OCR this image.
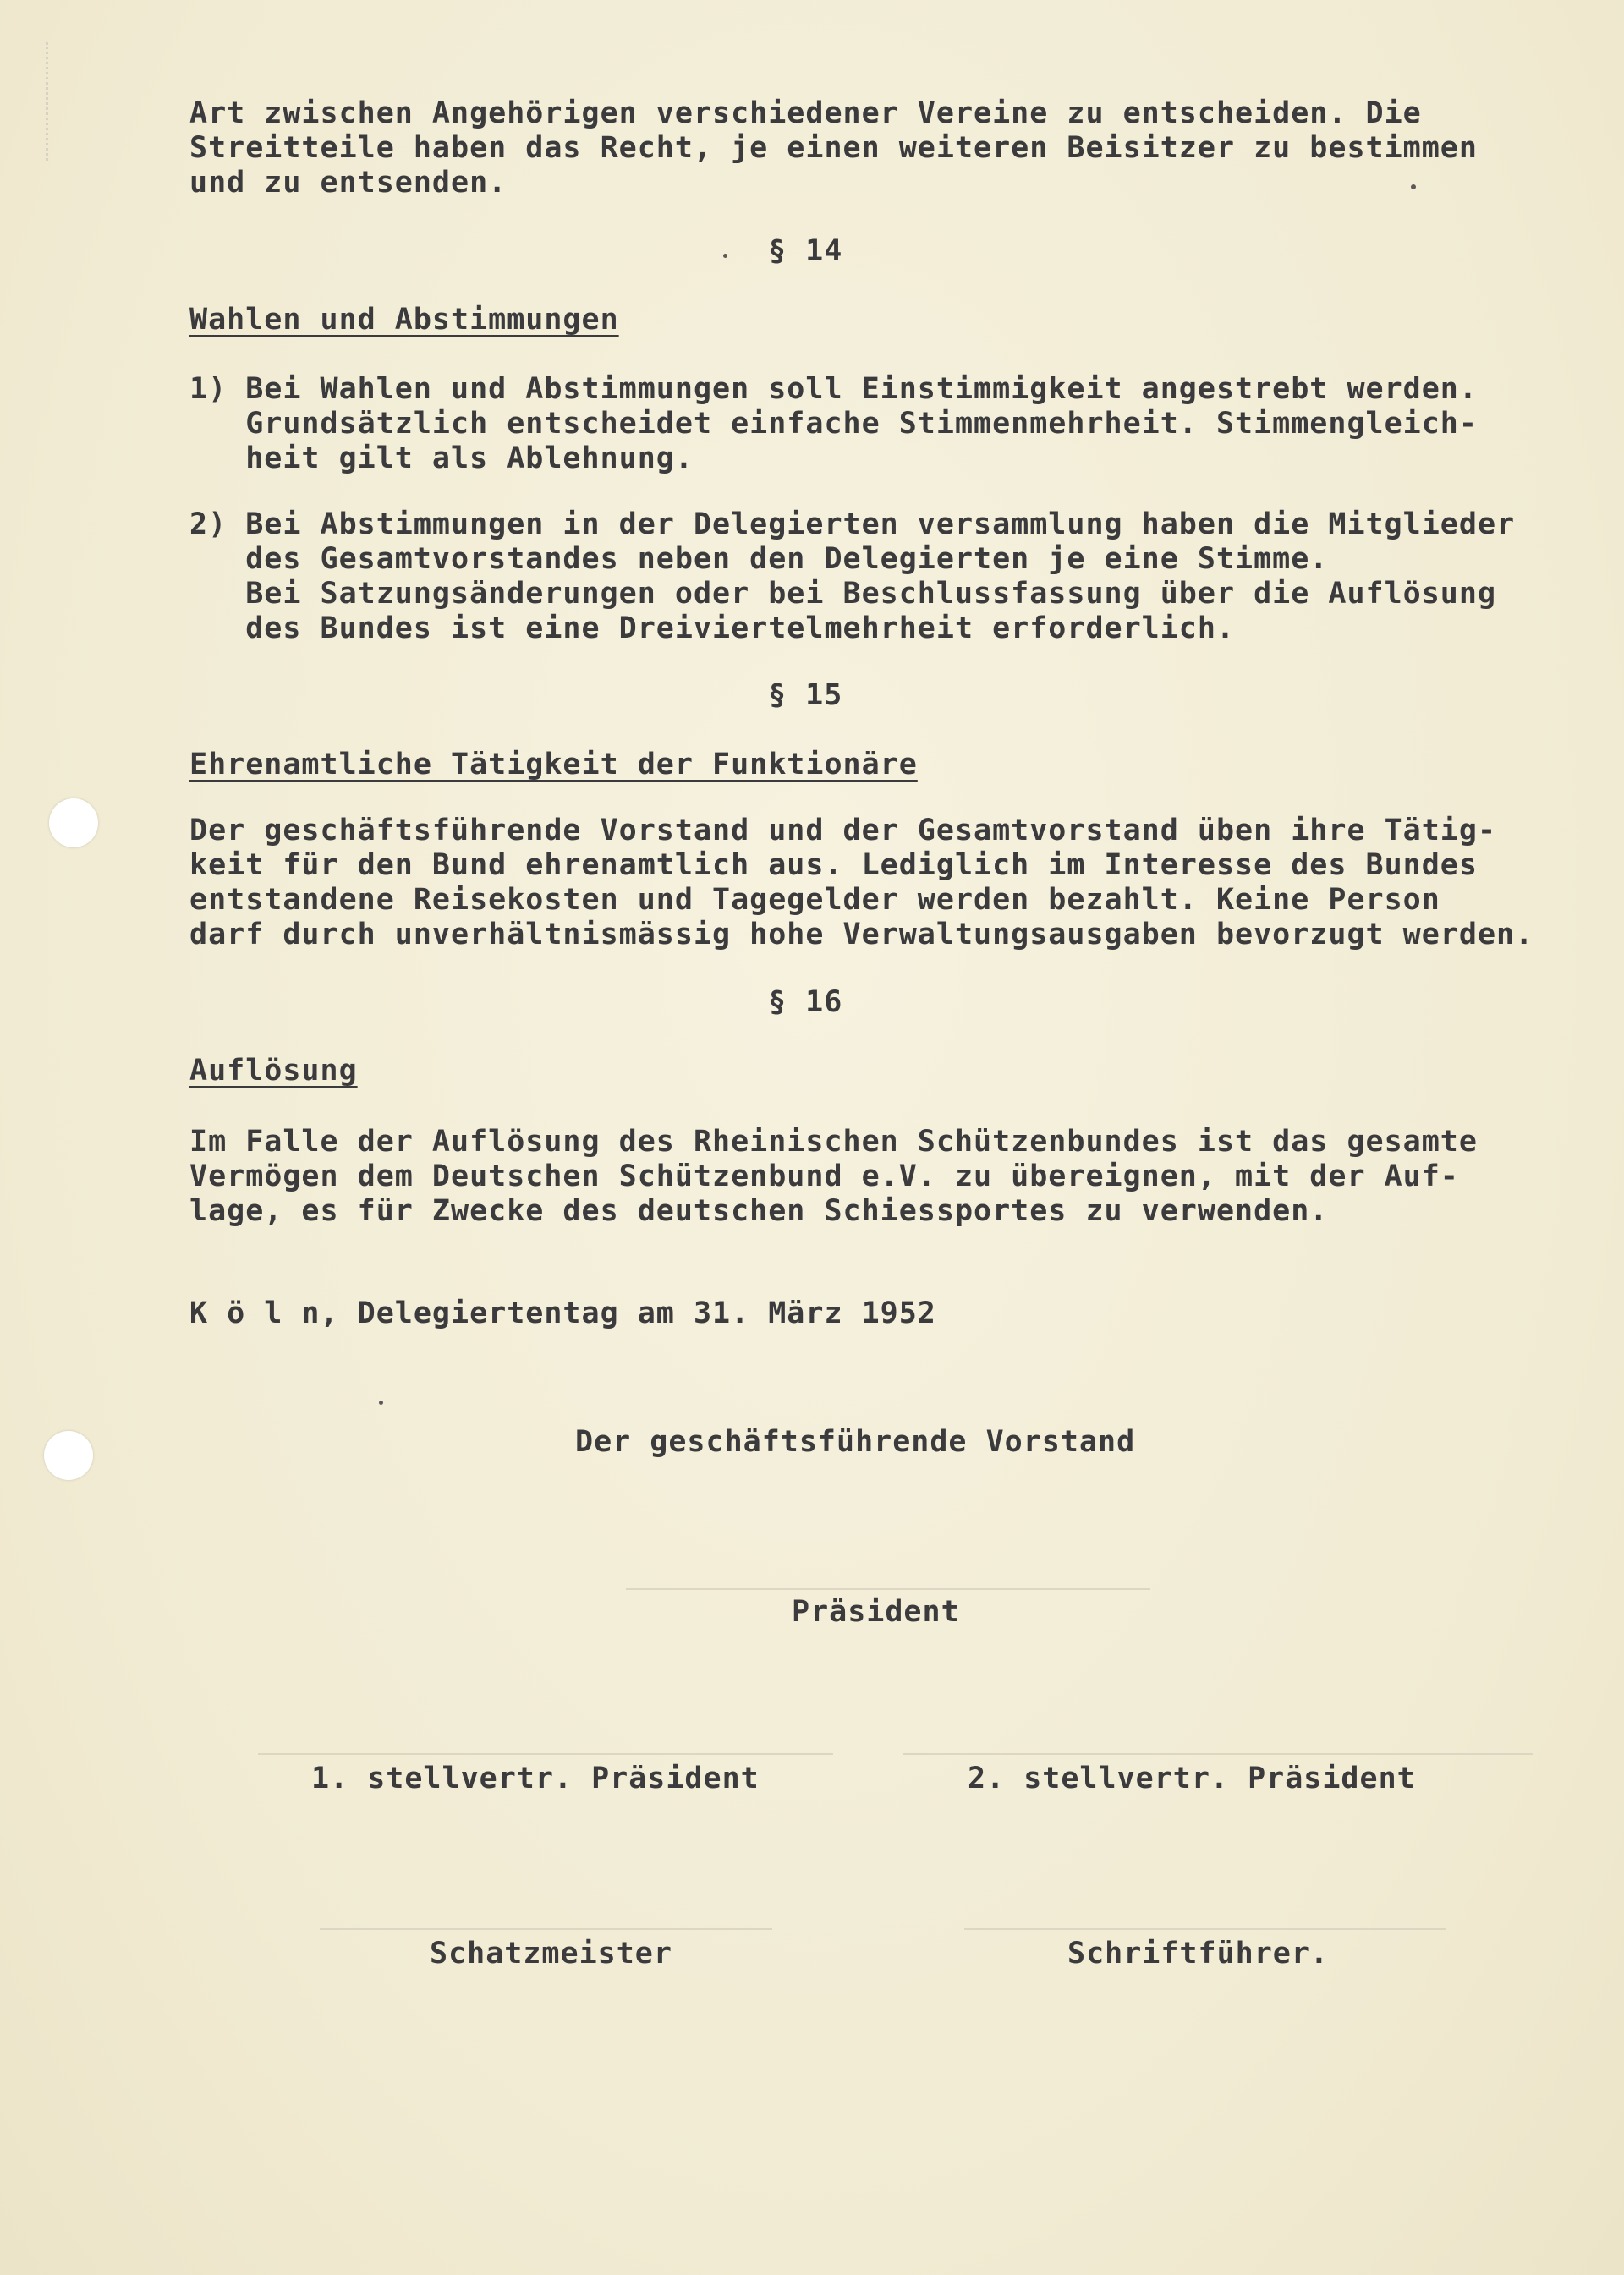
Art zwischen Angehörigen verschiedener Vereine zu entscheiden. Die
Streitteile haben das Recht, je einen weiteren Beisitzer zu bestimmen
und zu entsenden.
§ 14
Wahlen und Abstimmungen
1) Bei Wahlen und Abstimmungen soll Einstimmigkeit angestrebt werden.
Grundsätzlich entscheidet einfache Stimmenmehrheit. Stimmengleich-
heit gilt als Ablehnung.
2) Bei Abstimmungen in der Delegierten versammlung haben die Mitglieder
des Gesamtvorstandes neben den Delegierten je eine Stimme.
Bei Satzungsänderungen oder bei Beschlussfassung über die Auflösung
des Bundes ist eine Dreiviertelmehrheit erforderlich.
§ 15
Ehrenamtliche Tätigkeit der Funktionäre
Der geschäftsführende Vorstand und der Gesamtvorstand üben ihre Tätig-
keit für den Bund ehrenamtlich aus. Lediglich im Interesse des Bundes
entstandene Reisekosten und Tagegelder werden bezahlt. Keine Person
darf durch unverhältnismässig hohe Verwaltungsausgaben bevorzugt werden.
§ 16
Auflösung
Im Falle der Auflösung des Rheinischen Schützenbundes ist das gesamte
Vermögen dem Deutschen Schützenbund e.V. zu übereignen, mit der Auf-
lage, es für Zwecke des deutschen Schiessportes zu verwenden.
K ö l n, Delegiertentag am 31. März 1952
Der geschäftsführende Vorstand
Präsident
1. stellvertr. Präsident	2. stellvertr. Präsident
Schatzmeister	Schriftführer.
